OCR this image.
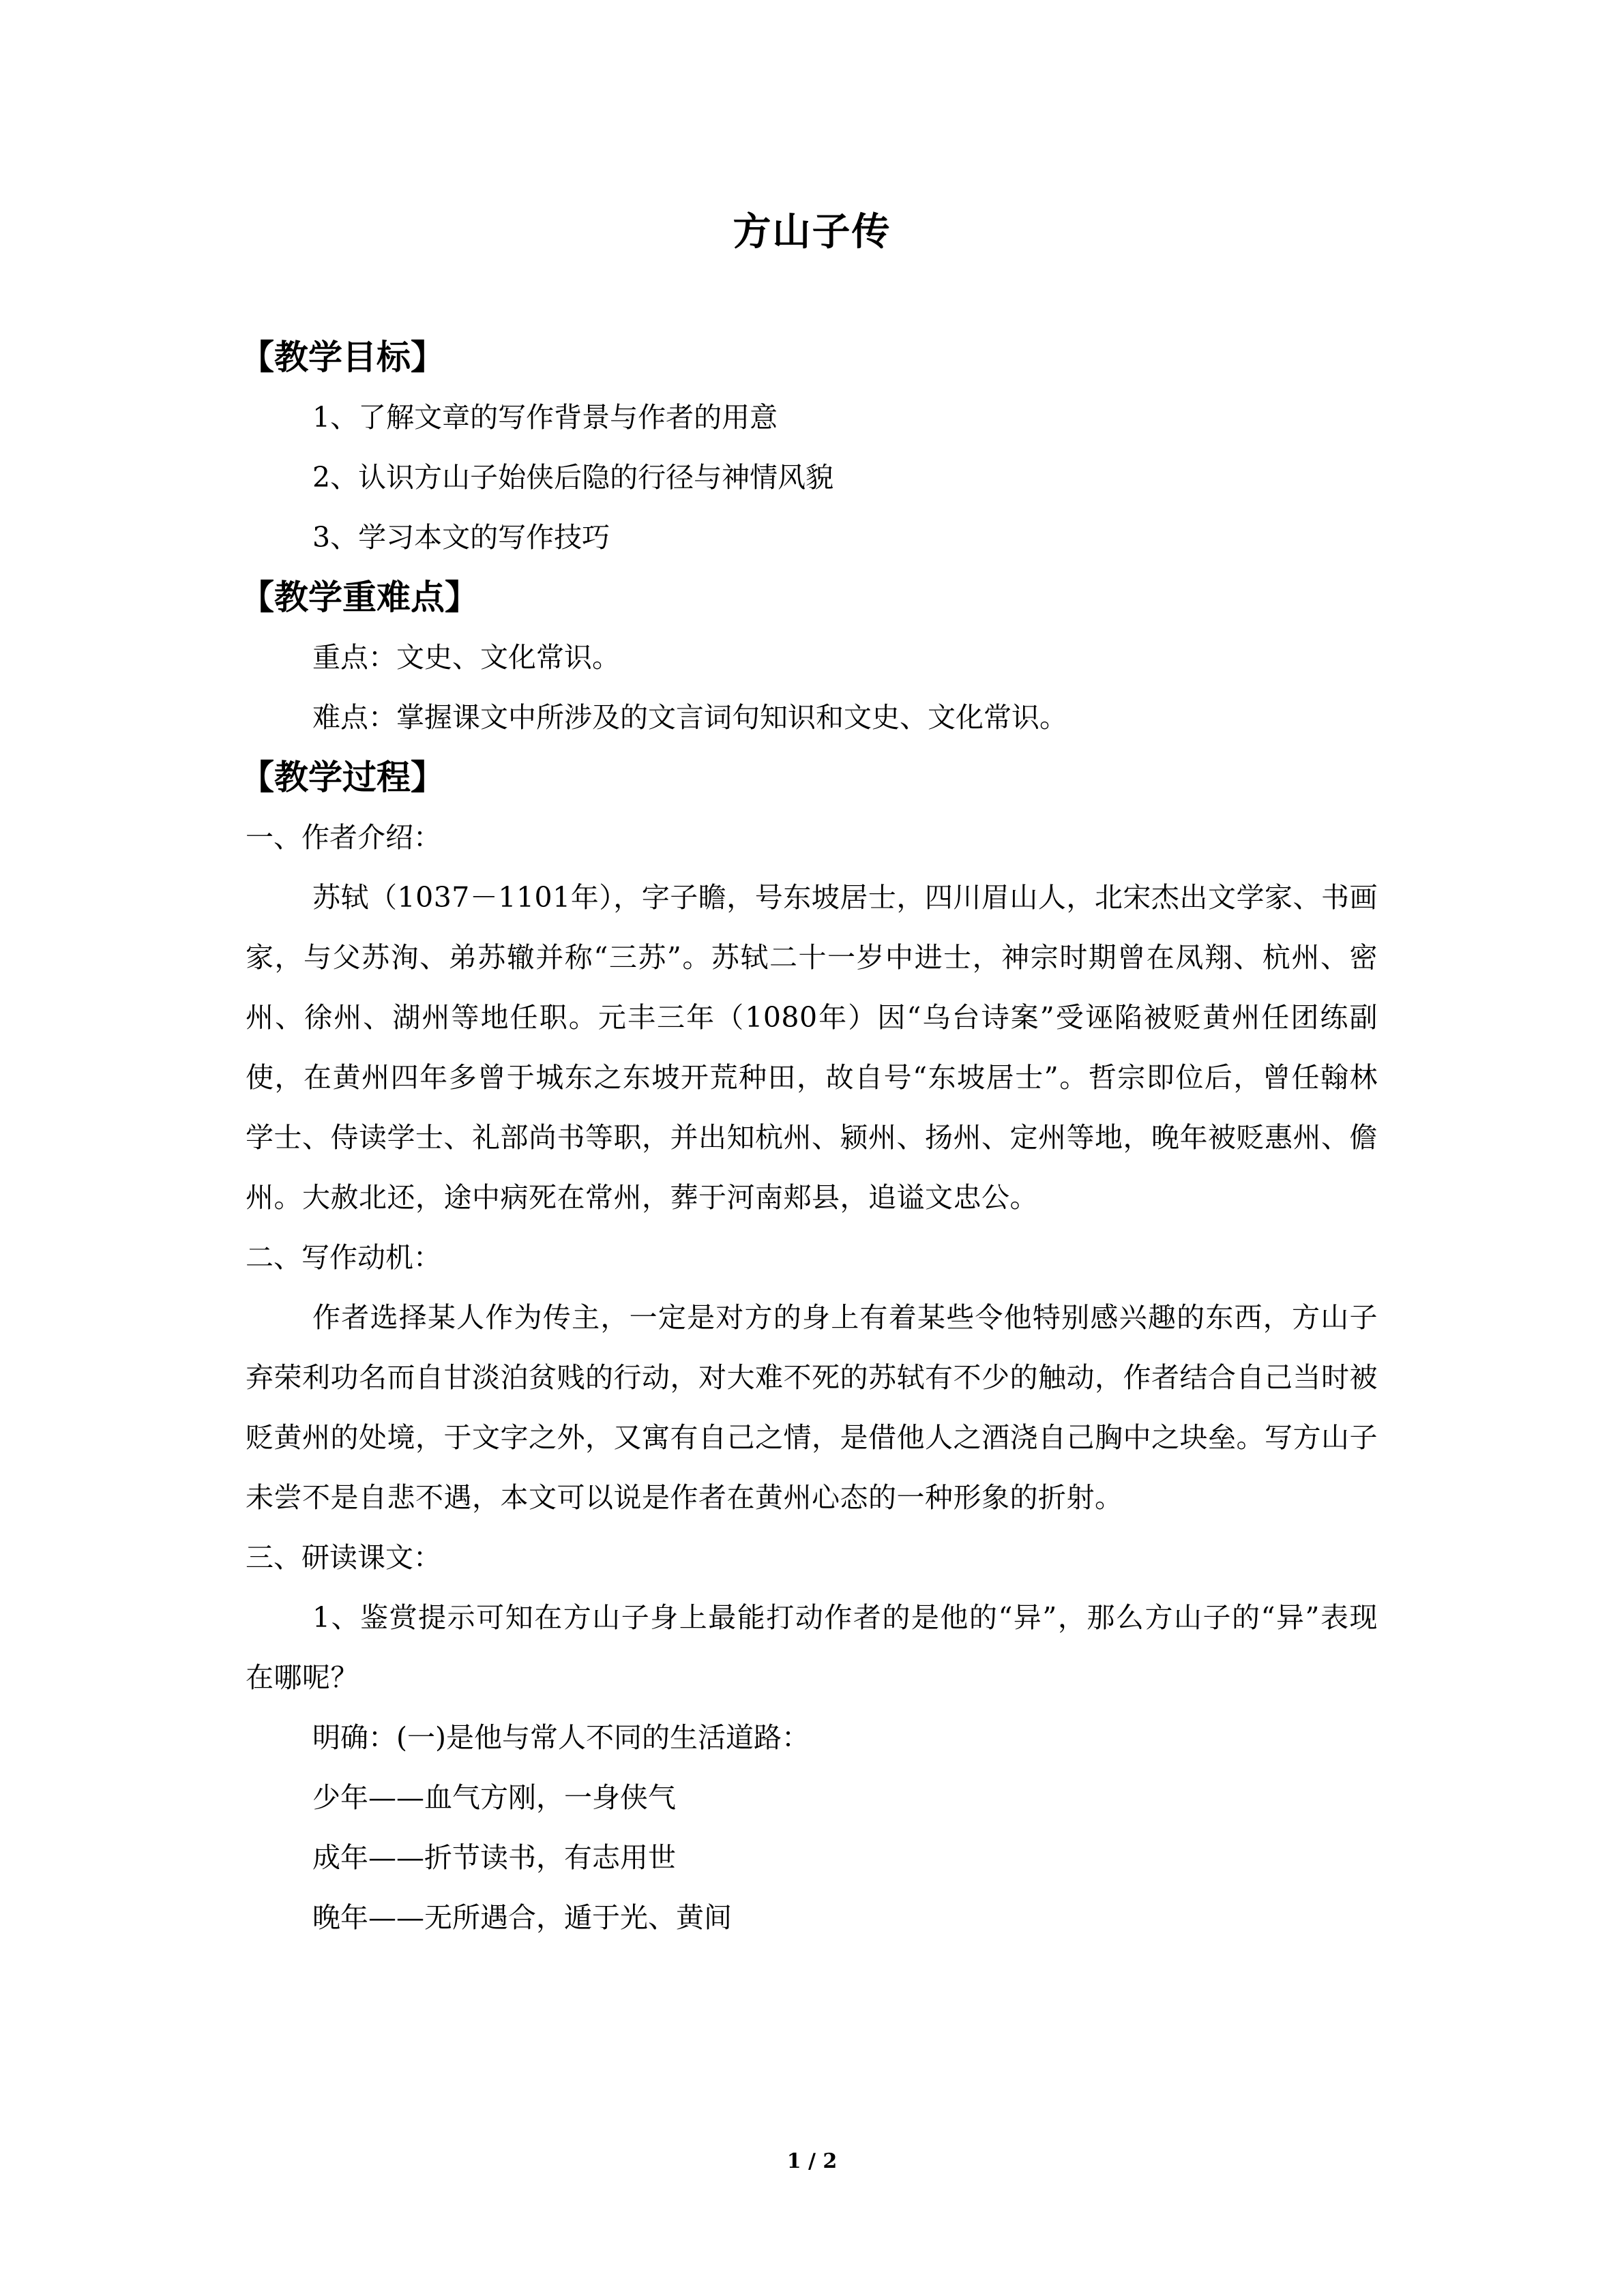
方山子传
【教学目标】
1、了解文章的写作背景与作者的用意
2、认识方山子始侠后隐的行径与神情风貌
3、学习本文的写作技巧
【教学重难点】
重点：文史、文化常识。
难点：掌握课文中所涉及的文言词句知识和文史、文化常识。
【教学过程】
一、作者介绍：
苏轼（1037－1101年），字子瞻，号东坡居士，四川眉山人，北宋杰出文学家、书画家，与父苏洵、弟苏辙并称“三苏”。苏轼二十一岁中进士，神宗时期曾在凤翔、杭州、密州、徐州、湖州等地任职。元丰三年（1080年）因“乌台诗案”受诬陷被贬黄州任团练副使，在黄州四年多曾于城东之东坡开荒种田，故自号“东坡居士”。哲宗即位后，曾任翰林学士、侍读学士、礼部尚书等职，并出知杭州、颍州、扬州、定州等地，晚年被贬惠州、儋州。大赦北还，途中病死在常州，葬于河南郏县，追谥文忠公。
二、写作动机：
作者选择某人作为传主，一定是对方的身上有着某些令他特别感兴趣的东西，方山子弃荣利功名而自甘淡泊贫贱的行动，对大难不死的苏轼有不少的触动，作者结合自己当时被贬黄州的处境，于文字之外，又寓有自己之情，是借他人之酒浇自己胸中之块垒。写方山子未尝不是自悲不遇，本文可以说是作者在黄州心态的一种形象的折射。
三、研读课文：
1、鉴赏提示可知在方山子身上最能打动作者的是他的“异”，那么方山子的“异”表现在哪呢？
明确：(一)是他与常人不同的生活道路：
少年——血气方刚，一身侠气
成年——折节读书，有志用世
晚年——无所遇合，遁于光、黄间
1 / 2
